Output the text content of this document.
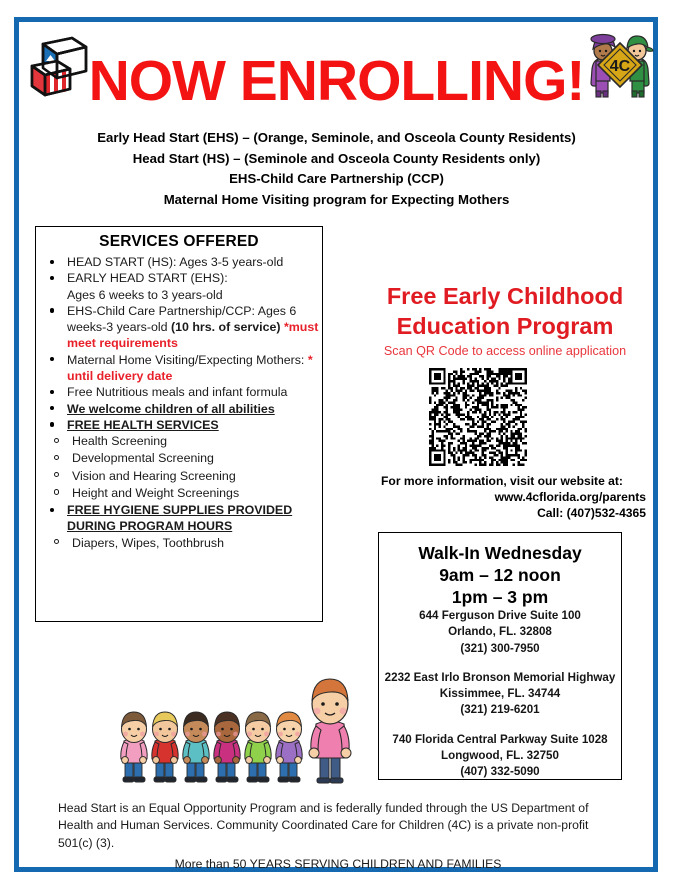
4C
NOW ENROLLING!
Early Head Start (EHS) – (Orange, Seminole, and Osceola County Residents)
Head Start (HS) – (Seminole and Osceola County Residents only)
EHS-Child Care Partnership (CCP)
Maternal Home Visiting program for Expecting Mothers
SERVICES OFFERED
HEAD START (HS): Ages 3-5 years-old
EARLY HEAD START (EHS):
Ages 6 weeks to 3 years-old
EHS-Child Care Partnership/CCP: Ages 6 weeks-3 years-old (10 hrs. of service) *must meet requirements
Maternal Home Visiting/Expecting Mothers: * until delivery date
Free Nutritious meals and infant formula
We welcome children of all abilities
FREE HEALTH SERVICES
Health Screening
Developmental Screening
Vision and Hearing Screening
Height and Weight Screenings
FREE HYGIENE SUPPLIES PROVIDED DURING PROGRAM HOURS
Diapers, Wipes, Toothbrush
Free Early Childhood
Education Program
Scan QR Code to access online application
For more information, visit our website at:
www.4cflorida.org/parents
Call: (407)532-4365
Walk-In Wednesday
9am – 12 noon
1pm – 3 pm
644 Ferguson Drive Suite 100
Orlando, FL. 32808
(321) 300-7950
2232 East Irlo Bronson Memorial Highway
Kissimmee, FL. 34744
(321) 219-6201
740 Florida Central Parkway Suite 1028
Longwood, FL. 32750
(407) 332-5090
Head Start is an Equal Opportunity Program and is federally funded through the US Department of Health and Human Services. Community Coordinated Care for Children (4C) is a private non-profit 501(c) (3).
More than 50 YEARS SERVING CHILDREN AND FAMILIES
